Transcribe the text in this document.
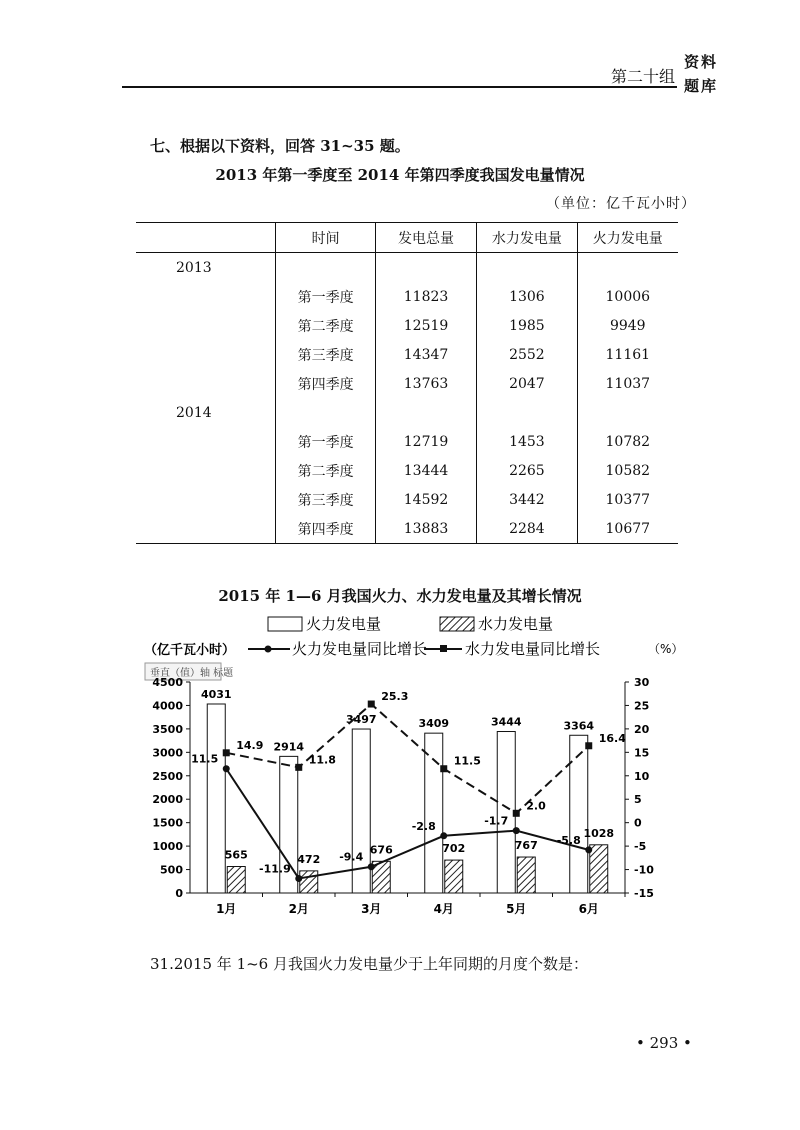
第二十组
资料
题库
七、根据以下资料，回答 31~35 题。
2013 年第一季度至 2014 年第四季度我国发电量情况
（单位：亿千瓦小时）
	时间	发电总量	水力发电量	火力发电量
2013				
	第一季度	11823	1306	10006
	第二季度	12519	1985	9949
	第三季度	14347	2552	11161
	第四季度	13763	2047	11037
2014				
	第一季度	12719	1453	10782
	第二季度	13444	2265	10582
	第三季度	14592	3442	10377
	第四季度	13883	2284	10677
2015 年 1—6 月我国火力、水力发电量及其增长情况
火力发电量	水力发电量
火力发电量同比增长	水力发电量同比增长
（亿千瓦小时）	（%）
垂直（值）轴 标题
0
500
1000
1500
2000
2500
3000
3500
4000
4500
-15
-10
-5
0
5
10
15
20
25
30
4031
565
1月
2914
472
2月
3497
676
3月
3409
702
4月
3444
767
5月
3364
1028
6月
14.9
11.5	11.8
-11.9
25.3
-9.4
11.5
-2.8
2.0
-1.7
16.4
-5.8
31.2015 年 1~6 月我国火力发电量少于上年同期的月度个数是：
• 293 •
